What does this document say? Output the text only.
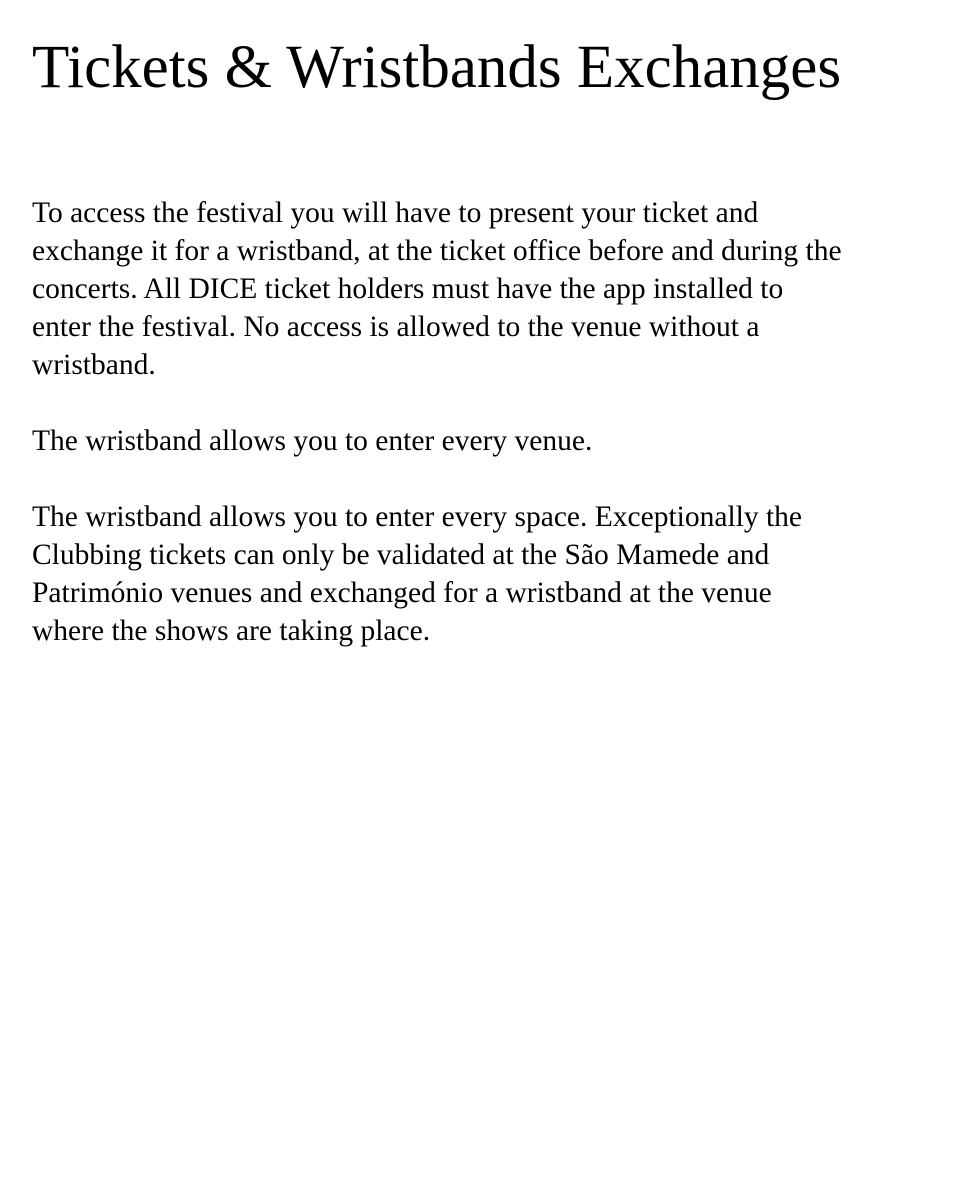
Tickets & Wristbands Exchanges

To access the festival you will have to present your ticket and exchange it for a wristband, at the ticket office before and during the concerts. All DICE ticket holders must have the app installed to enter the festival. No access is allowed to the venue without a wristband.

The wristband allows you to enter every venue.

The wristband allows you to enter every space. Exceptionally the Clubbing tickets can only be validated at the São Mamede and Património venues and exchanged for a wristband at the venue where the shows are taking place.
